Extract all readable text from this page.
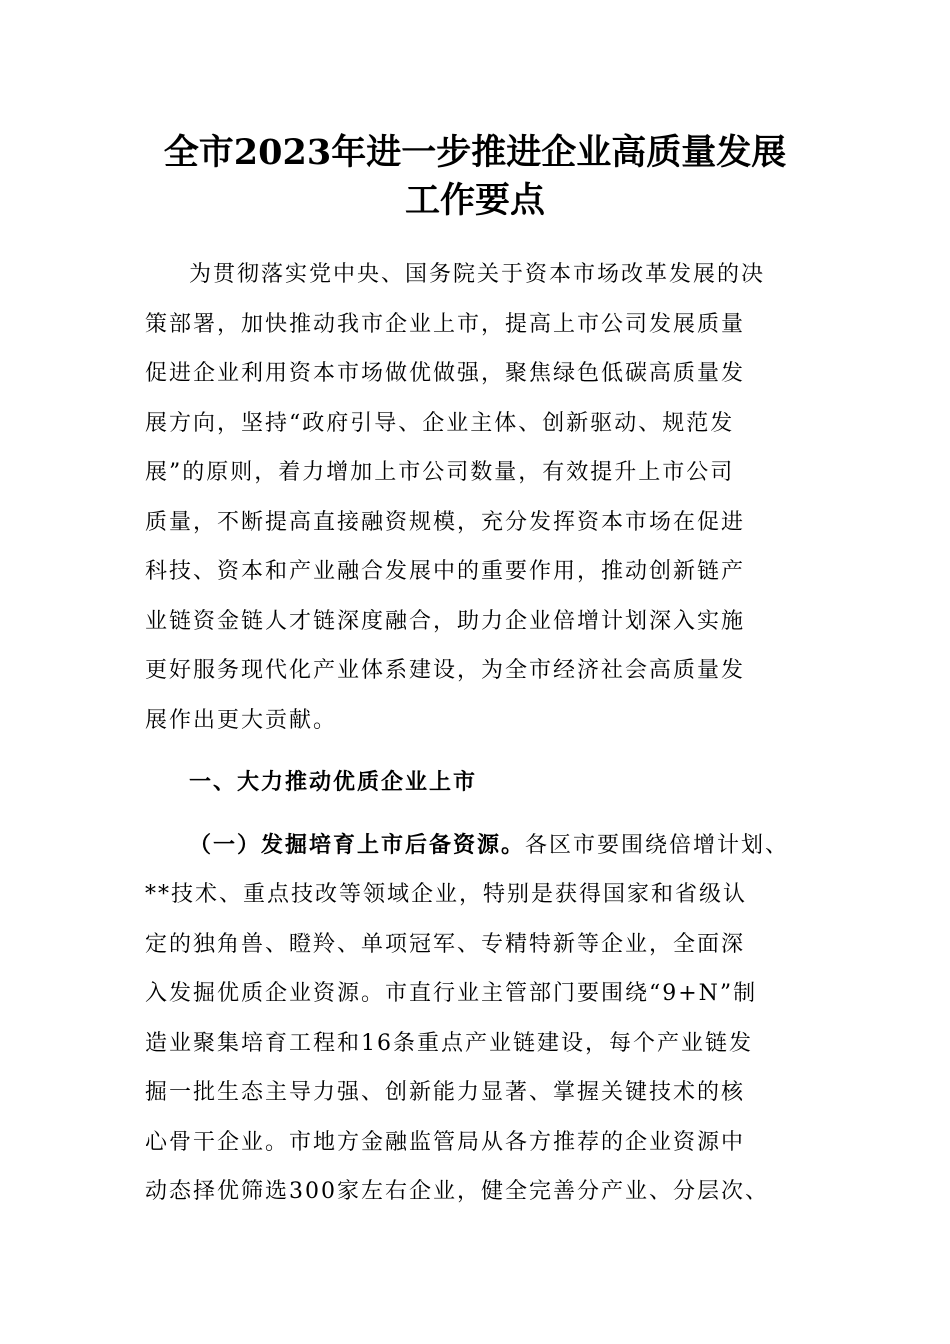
全市2023年进一步推进企业高质量发展
工作要点

为贯彻落实党中央、国务院关于资本市场改革发展的决

策部署，加快推动我市企业上市，提高上市公司发展质量

促进企业利用资本市场做优做强，聚焦绿色低碳高质量发

展方向，坚持“政府引导、企业主体、创新驱动、规范发

展”的原则，着力增加上市公司数量，有效提升上市公司

质量，不断提高直接融资规模，充分发挥资本市场在促进

科技、资本和产业融合发展中的重要作用，推动创新链产

业链资金链人才链深度融合，助力企业倍增计划深入实施

更好服务现代化产业体系建设，为全市经济社会高质量发

展作出更大贡献。

一、大力推动优质企业上市

（一）发掘培育上市后备资源。各区市要围绕倍增计划、

**技术、重点技改等领域企业，特别是获得国家和省级认

定的独角兽、瞪羚、单项冠军、专精特新等企业，全面深

入发掘优质企业资源。市直行业主管部门要围绕“9+N”制

造业聚集培育工程和16条重点产业链建设，每个产业链发

掘一批生态主导力强、创新能力显著、掌握关键技术的核

心骨干企业。市地方金融监管局从各方推荐的企业资源中

动态择优筛选300家左右企业，健全完善分产业、分层次、
